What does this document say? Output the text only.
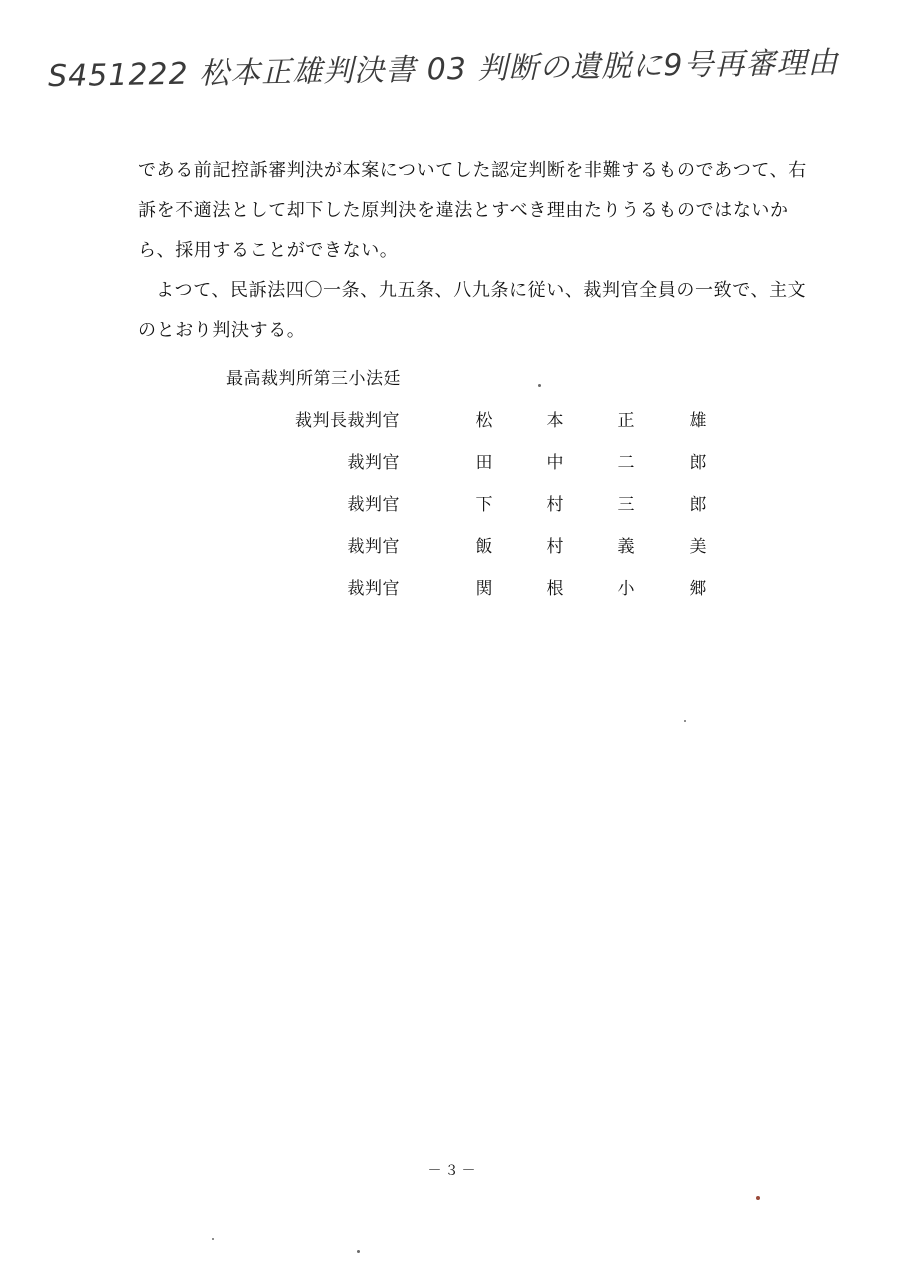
S451222 松本正雄判決書 03 判断の遺脱に9号再審理由

である前記控訴審判決が本案についてした認定判断を非難するものであつて、右訴を不適法として却下した原判決を違法とすべき理由たりうるものではないから、採用することができない。

よつて、民訴法四〇一条、九五条、八九条に従い、裁判官全員の一致で、主文のとおり判決する。

最高裁判所第三小法廷
裁判長裁判官	松	本	正	雄
裁判官	田	中	二	郎
裁判官	下	村	三	郎
裁判官	飯	村	義	美
裁判官	関	根	小	郷
－３－
